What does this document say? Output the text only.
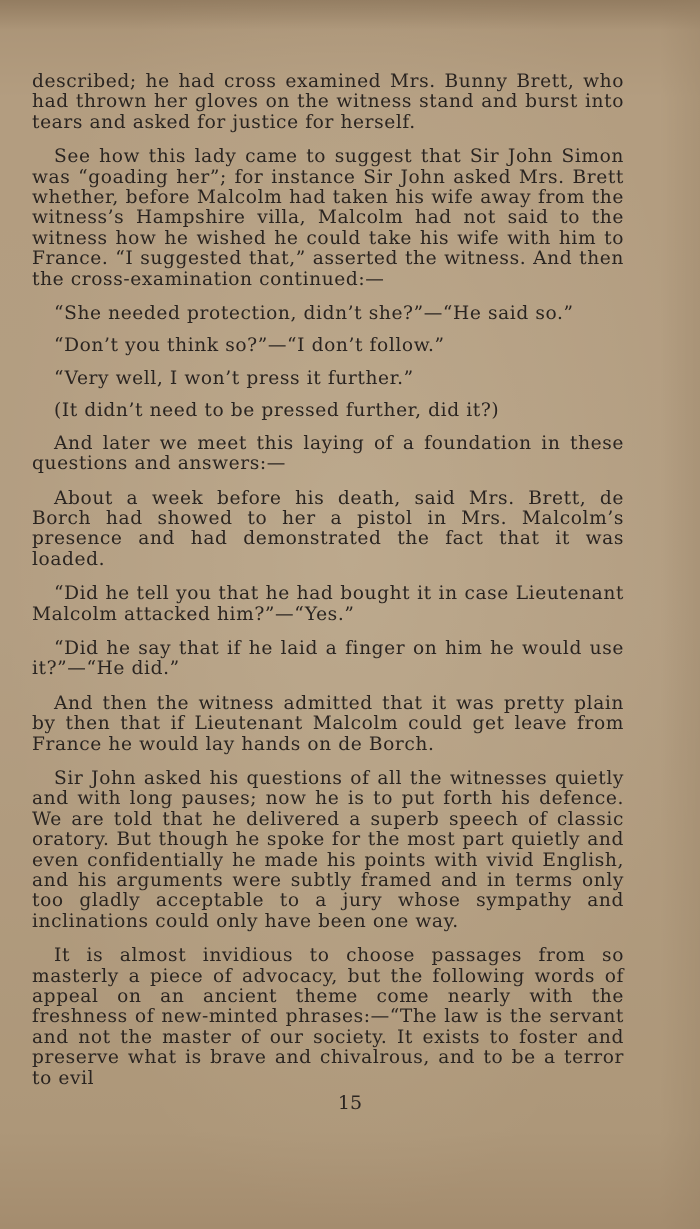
described; he had cross examined Mrs. Bunny Brett, who had thrown her gloves on the witness stand and burst into tears and asked for justice for herself.

See how this lady came to suggest that Sir John Simon was “goading her”; for instance Sir John asked Mrs. Brett whether, before Malcolm had taken his wife away from the witness’s Hampshire villa, Malcolm had not said to the witness how he wished he could take his wife with him to France. “I suggested that,” asserted the witness. And then the cross-examination continued:—

“She needed protection, didn’t she?”—“He said so.”

“Don’t you think so?”—“I don’t follow.”

“Very well, I won’t press it further.”

(It didn’t need to be pressed further, did it?)

And later we meet this laying of a foundation in these questions and answers:—

About a week before his death, said Mrs. Brett, de Borch had showed to her a pistol in Mrs. Malcolm’s presence and had demonstrated the fact that it was loaded.

“Did he tell you that he had bought it in case Lieutenant Malcolm attacked him?”—“Yes.”

“Did he say that if he laid a finger on him he would use it?”—“He did.”

And then the witness admitted that it was pretty plain by then that if Lieutenant Malcolm could get leave from France he would lay hands on de Borch.

Sir John asked his questions of all the witnesses quietly and with long pauses; now he is to put forth his defence. We are told that he delivered a superb speech of classic oratory. But though he spoke for the most part quietly and even confidentially he made his points with vivid English, and his arguments were subtly framed and in terms only too gladly acceptable to a jury whose sympathy and inclinations could only have been one way.

It is almost invidious to choose passages from so masterly a piece of advocacy, but the following words of appeal on an ancient theme come nearly with the freshness of new-minted phrases:—“The law is the servant and not the master of our society. It exists to foster and preserve what is brave and chivalrous, and to be a terror to evil

15
